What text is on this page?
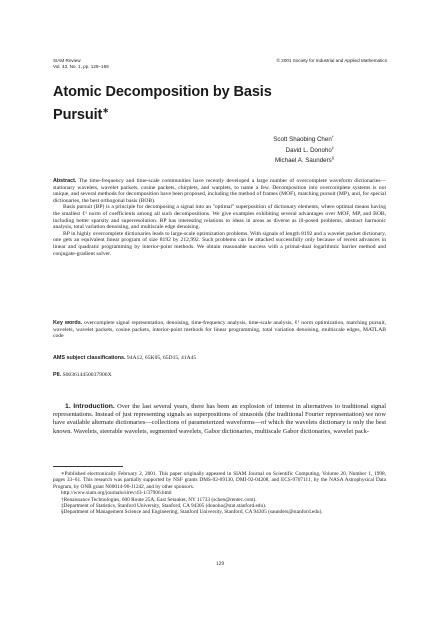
SIAM Review
Vol. 43, No. 1, pp. 129–159
© 2001 Society for Industrial and Applied Mathematics
Atomic Decomposition by Basis
Pursuit∗
Scott Shaobing Chen†
David L. Donoho‡
Michael A. Saunders§

Abstract. The time-frequency and time-scale communities have recently developed a large number of overcomplete waveform dictionaries—stationary wavelets, wavelet packets, cosine packets, chirplets, and warplets, to name a few. Decomposition into overcomplete systems is not unique, and several methods for decomposition have been proposed, including the method of frames (MOF), matching pursuit (MP), and, for special dictionaries, the best orthogonal basis (BOB).

Basis pursuit (BP) is a principle for decomposing a signal into an "optimal" superposition of dictionary elements, where optimal means having the smallest ℓ¹ norm of coefficients among all such decompositions. We give examples exhibiting several advantages over MOF, MP, and BOB, including better sparsity and superresolution. BP has interesting relations to ideas in areas as diverse as ill-posed problems, abstract harmonic analysis, total variation denoising, and multiscale edge denoising.

BP in highly overcomplete dictionaries leads to large-scale optimization problems. With signals of length 8192 and a wavelet packet dictionary, one gets an equivalent linear program of size 8192 by 212,992. Such problems can be attacked successfully only because of recent advances in linear and quadratic programming by interior-point methods. We obtain reasonable success with a primal-dual logarithmic barrier method and conjugate-gradient solver.

Key words. overcomplete signal representation, denoising, time-frequency analysis, time-scale analysis, ℓ¹ norm optimization, matching pursuit, wavelets, wavelet packets, cosine packets, interior-point methods for linear programming, total variation denoising, multiscale edges, MATLAB code
AMS subject classifications. 94A12, 65K05, 65D15, 41A45
PII. S003614450037906X
1. Introduction. Over the last several years, there has been an explosion of interest in alternatives to traditional signal representations. Instead of just representing signals as superpositions of sinusoids (the traditional Fourier representation) we now have available alternate dictionaries—collections of parameterized waveforms—of which the wavelets dictionary is only the best known. Wavelets, steerable wavelets, segmented wavelets, Gabor dictionaries, multiscale Gabor dictionaries, wavelet pack-

∗Published electronically February 2, 2001. This paper originally appeared in SIAM Journal on Scientific Computing, Volume 20, Number 1, 1998, pages 33–61. This research was partially supported by NSF grants DMS-92-09130, DMI-92-04208, and ECS-9707111, by the NASA Astrophysical Data Program, by ONR grant N00014-90-J1242, and by other sponsors.

http://www.siam.org/journals/sirev/43-1/37906.html

†Renaissance Technologies, 600 Route 25A, East Setauket, NY 11733 (schen@rentec.com).

‡Department of Statistics, Stanford University, Stanford, CA 94305 (donoho@stat.stanford.edu).

§Department of Management Science and Engineering, Stanford University, Stanford, CA 94305 (saunders@stanford.edu).

129
